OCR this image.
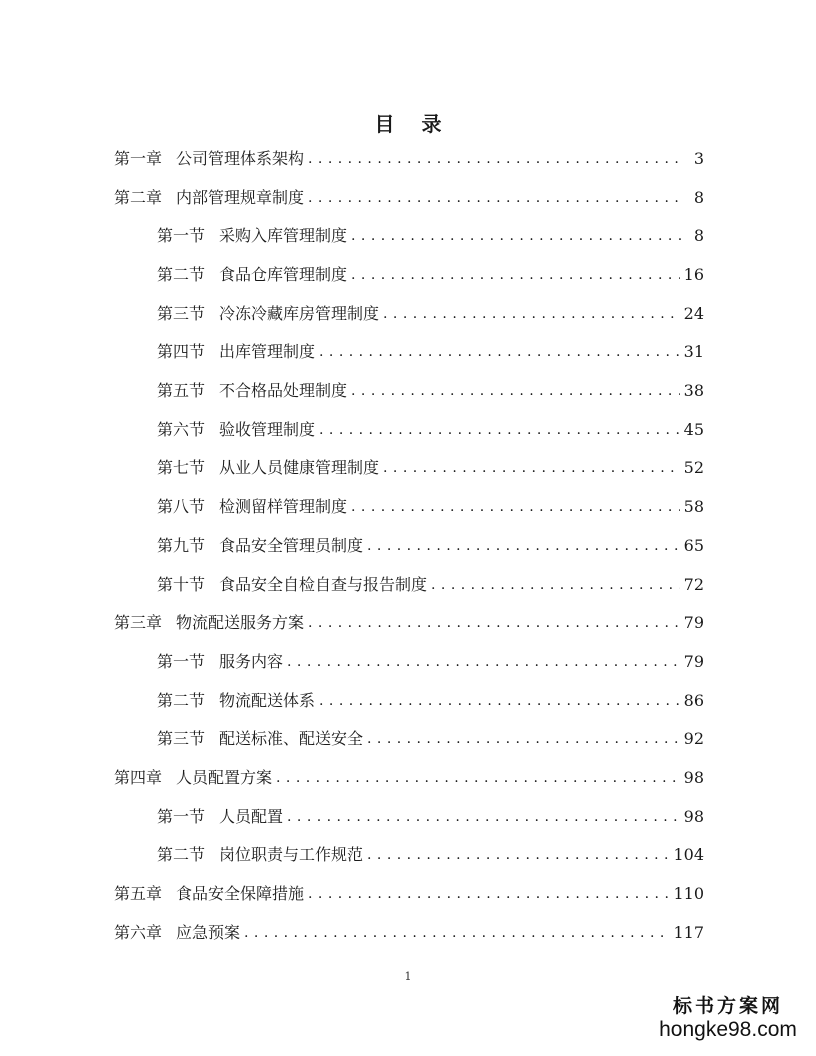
目 录
第一章 公司管理体系架构 . . .	3
第二章 内部管理规章制度 . . .	8
第一节 采购入库管理制度 . . .	8
第二节 食品仓库管理制度 . . .	16
第三节 冷冻冷藏库房管理制度 . . .	24
第四节 出库管理制度 . . .	31
第五节 不合格品处理制度 . . .	38
第六节 验收管理制度 . . .	45
第七节 从业人员健康管理制度 . . .	52
第八节 检测留样管理制度 . . .	58
第九节 食品安全管理员制度 . . .	65
第十节 食品安全自检自查与报告制度 . . .	72
第三章 物流配送服务方案 . . .	79
第一节 服务内容 . . .	79
第二节 物流配送体系 . . .	86
第三节 配送标准、配送安全 . . .	92
第四章 人员配置方案 . . .	98
第一节 人员配置 . . .	98
第二节 岗位职责与工作规范 . . .	104
第五章 食品安全保障措施 . . .	110
第六章 应急预案 . . .	117
1
标书方案网
hongke98.com
